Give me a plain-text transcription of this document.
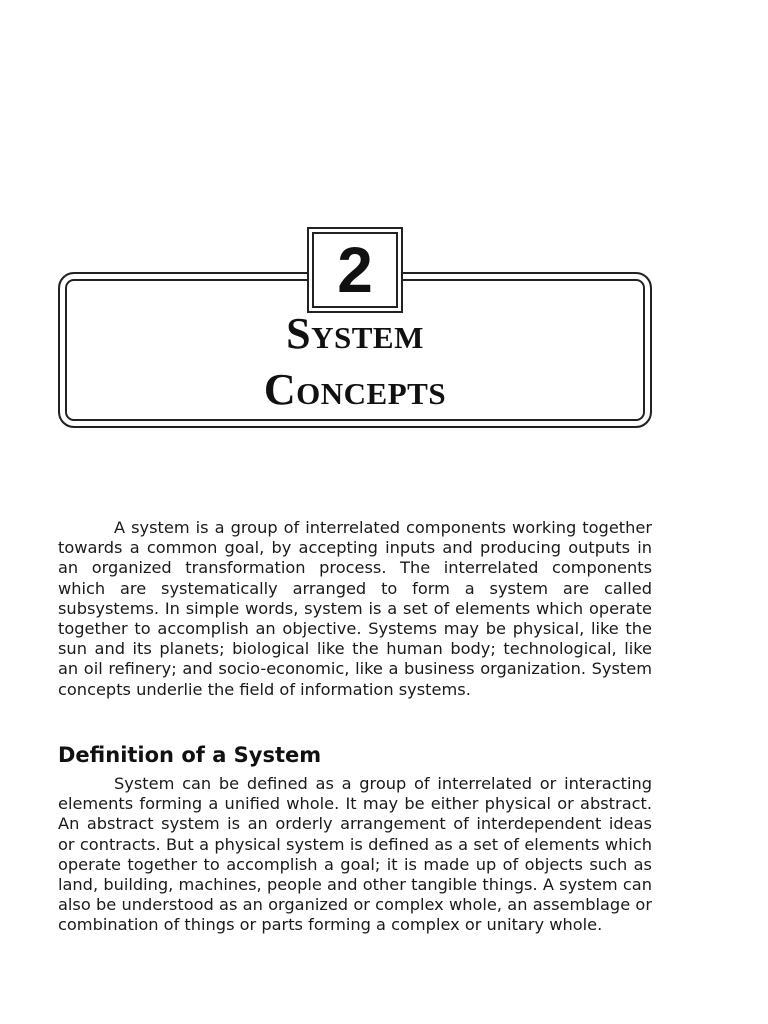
2
System
Concepts

A system is a group of interrelated components working together towards a common goal, by accepting inputs and producing outputs in an organized transformation process. The interrelated components which are systematically arranged to form a system are called subsystems. In simple words, system is a set of elements which operate together to accomplish an objective. Systems may be physical, like the sun and its planets; biological like the human body; technological, like an oil refinery; and socio-economic, like a business organization. System concepts underlie the field of information systems.

Definition of a System

System can be defined as a group of interrelated or interacting elements forming a unified whole. It may be either physical or abstract. An abstract system is an orderly arrangement of interdependent ideas or contracts. But a physical system is defined as a set of elements which operate together to accomplish a goal; it is made up of objects such as land, building, machines, people and other tangible things. A system can also be understood as an organized or complex whole, an assemblage or combination of things or parts forming a complex or unitary whole.
